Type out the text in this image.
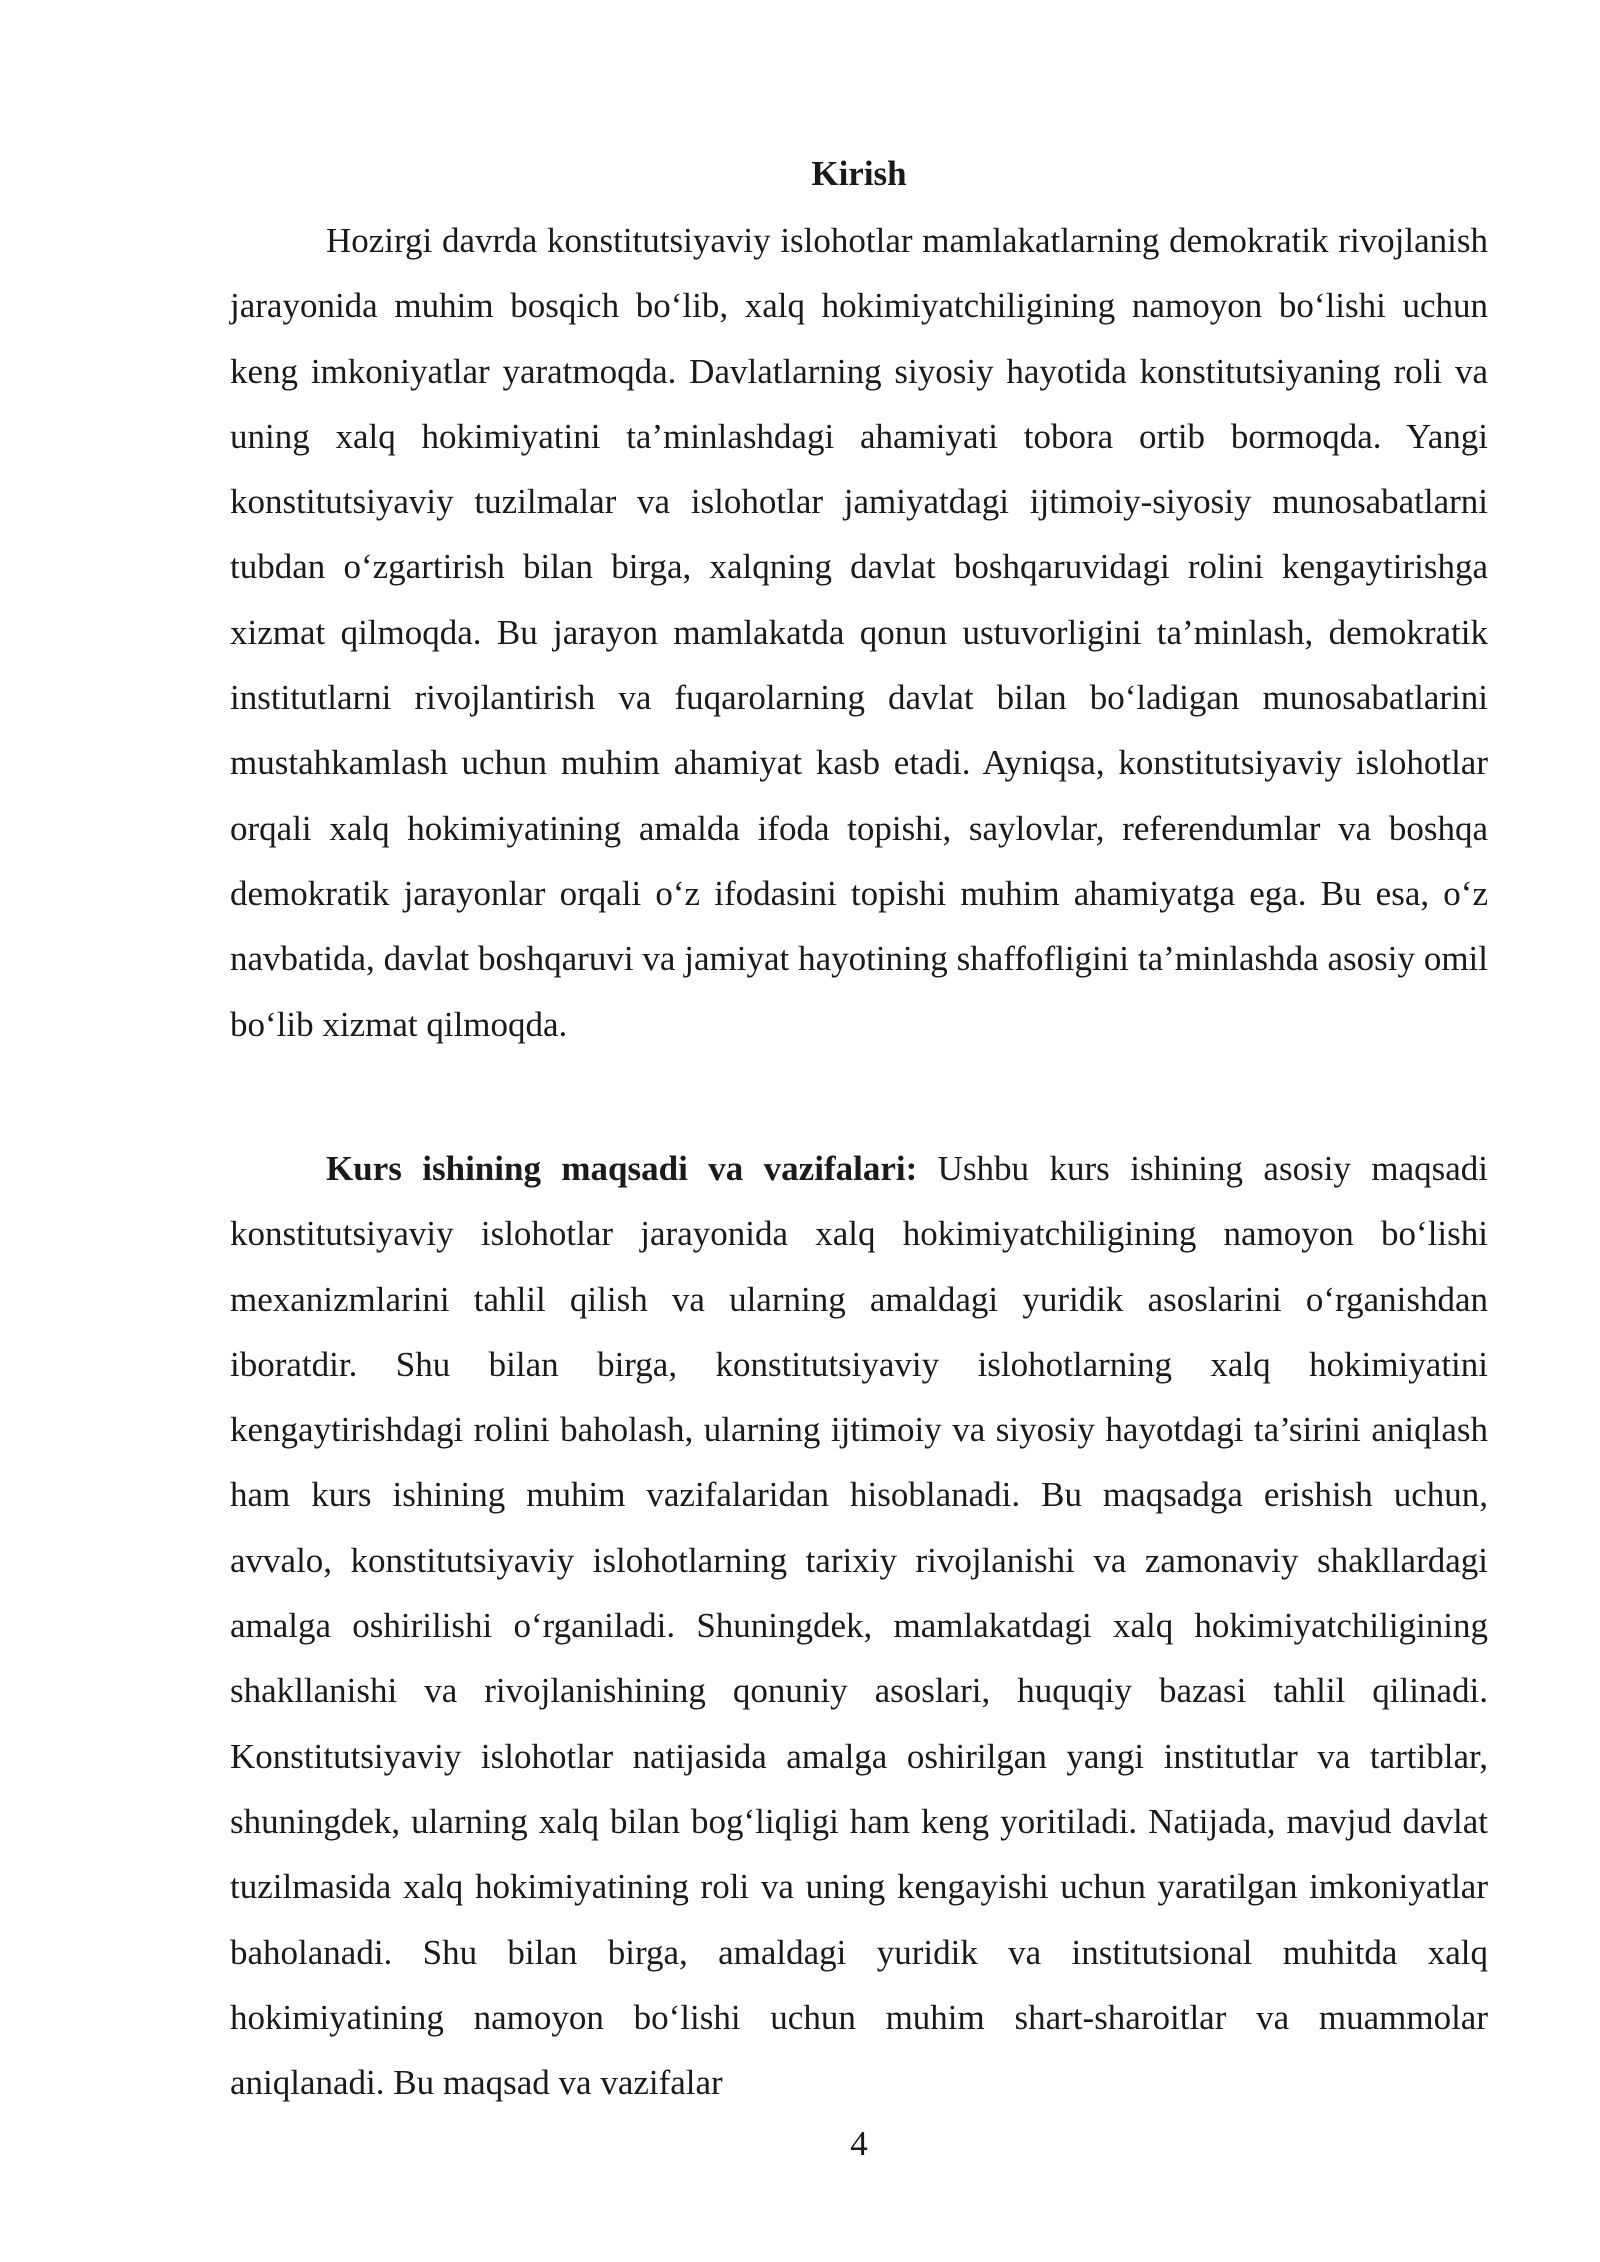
Kirish

Hozirgi davrda konstitutsiyaviy islohotlar mamlakatlarning demokratik rivojlanish jarayonida muhim bosqich bo‘lib, xalq hokimiyatchiligining namoyon bo‘lishi uchun keng imkoniyatlar yaratmoqda. Davlatlarning siyosiy hayotida konstitutsiyaning roli va uning xalq hokimiyatini ta’minlashdagi ahamiyati tobora ortib bormoqda. Yangi konstitutsiyaviy tuzilmalar va islohotlar jamiyatdagi ijtimoiy-siyosiy munosabatlarni tubdan o‘zgartirish bilan birga, xalqning davlat boshqaruvidagi rolini kengaytirishga xizmat qilmoqda. Bu jarayon mamlakatda qonun ustuvorligini ta’minlash, demokratik institutlarni rivojlantirish va fuqarolarning davlat bilan bo‘ladigan munosabatlarini mustahkamlash uchun muhim ahamiyat kasb etadi. Ayniqsa, konstitutsiyaviy islohotlar orqali xalq hokimiyatining amalda ifoda topishi, saylovlar, referendumlar va boshqa demokratik jarayonlar orqali o‘z ifodasini topishi muhim ahamiyatga ega. Bu esa, o‘z navbatida, davlat boshqaruvi va jamiyat hayotining shaffofligini ta’minlashda asosiy omil bo‘lib xizmat qilmoqda.

Kurs ishining maqsadi va vazifalari: Ushbu kurs ishining asosiy maqsadi konstitutsiyaviy islohotlar jarayonida xalq hokimiyatchiligining namoyon bo‘lishi mexanizmlarini tahlil qilish va ularning amaldagi yuridik asoslarini o‘rganishdan iboratdir. Shu bilan birga, konstitutsiyaviy islohotlarning xalq hokimiyatini kengaytirishdagi rolini baholash, ularning ijtimoiy va siyosiy hayotdagi ta’sirini aniqlash ham kurs ishining muhim vazifalaridan hisoblanadi. Bu maqsadga erishish uchun, avvalo, konstitutsiyaviy islohotlarning tarixiy rivojlanishi va zamonaviy shakllardagi amalga oshirilishi o‘rganiladi. Shuningdek, mamlakatdagi xalq hokimiyatchiligining shakllanishi va rivojlanishining qonuniy asoslari, huquqiy bazasi tahlil qilinadi. Konstitutsiyaviy islohotlar natijasida amalga oshirilgan yangi institutlar va tartiblar, shuningdek, ularning xalq bilan bog‘liqligi ham keng yoritiladi. Natijada, mavjud davlat tuzilmasida xalq hokimiyatining roli va uning kengayishi uchun yaratilgan imkoniyatlar baholanadi. Shu bilan birga, amaldagi yuridik va institutsional muhitda xalq hokimiyatining namoyon bo‘lishi uchun muhim shart-sharoitlar va muammolar aniqlanadi. Bu maqsad va vazifalar

4
